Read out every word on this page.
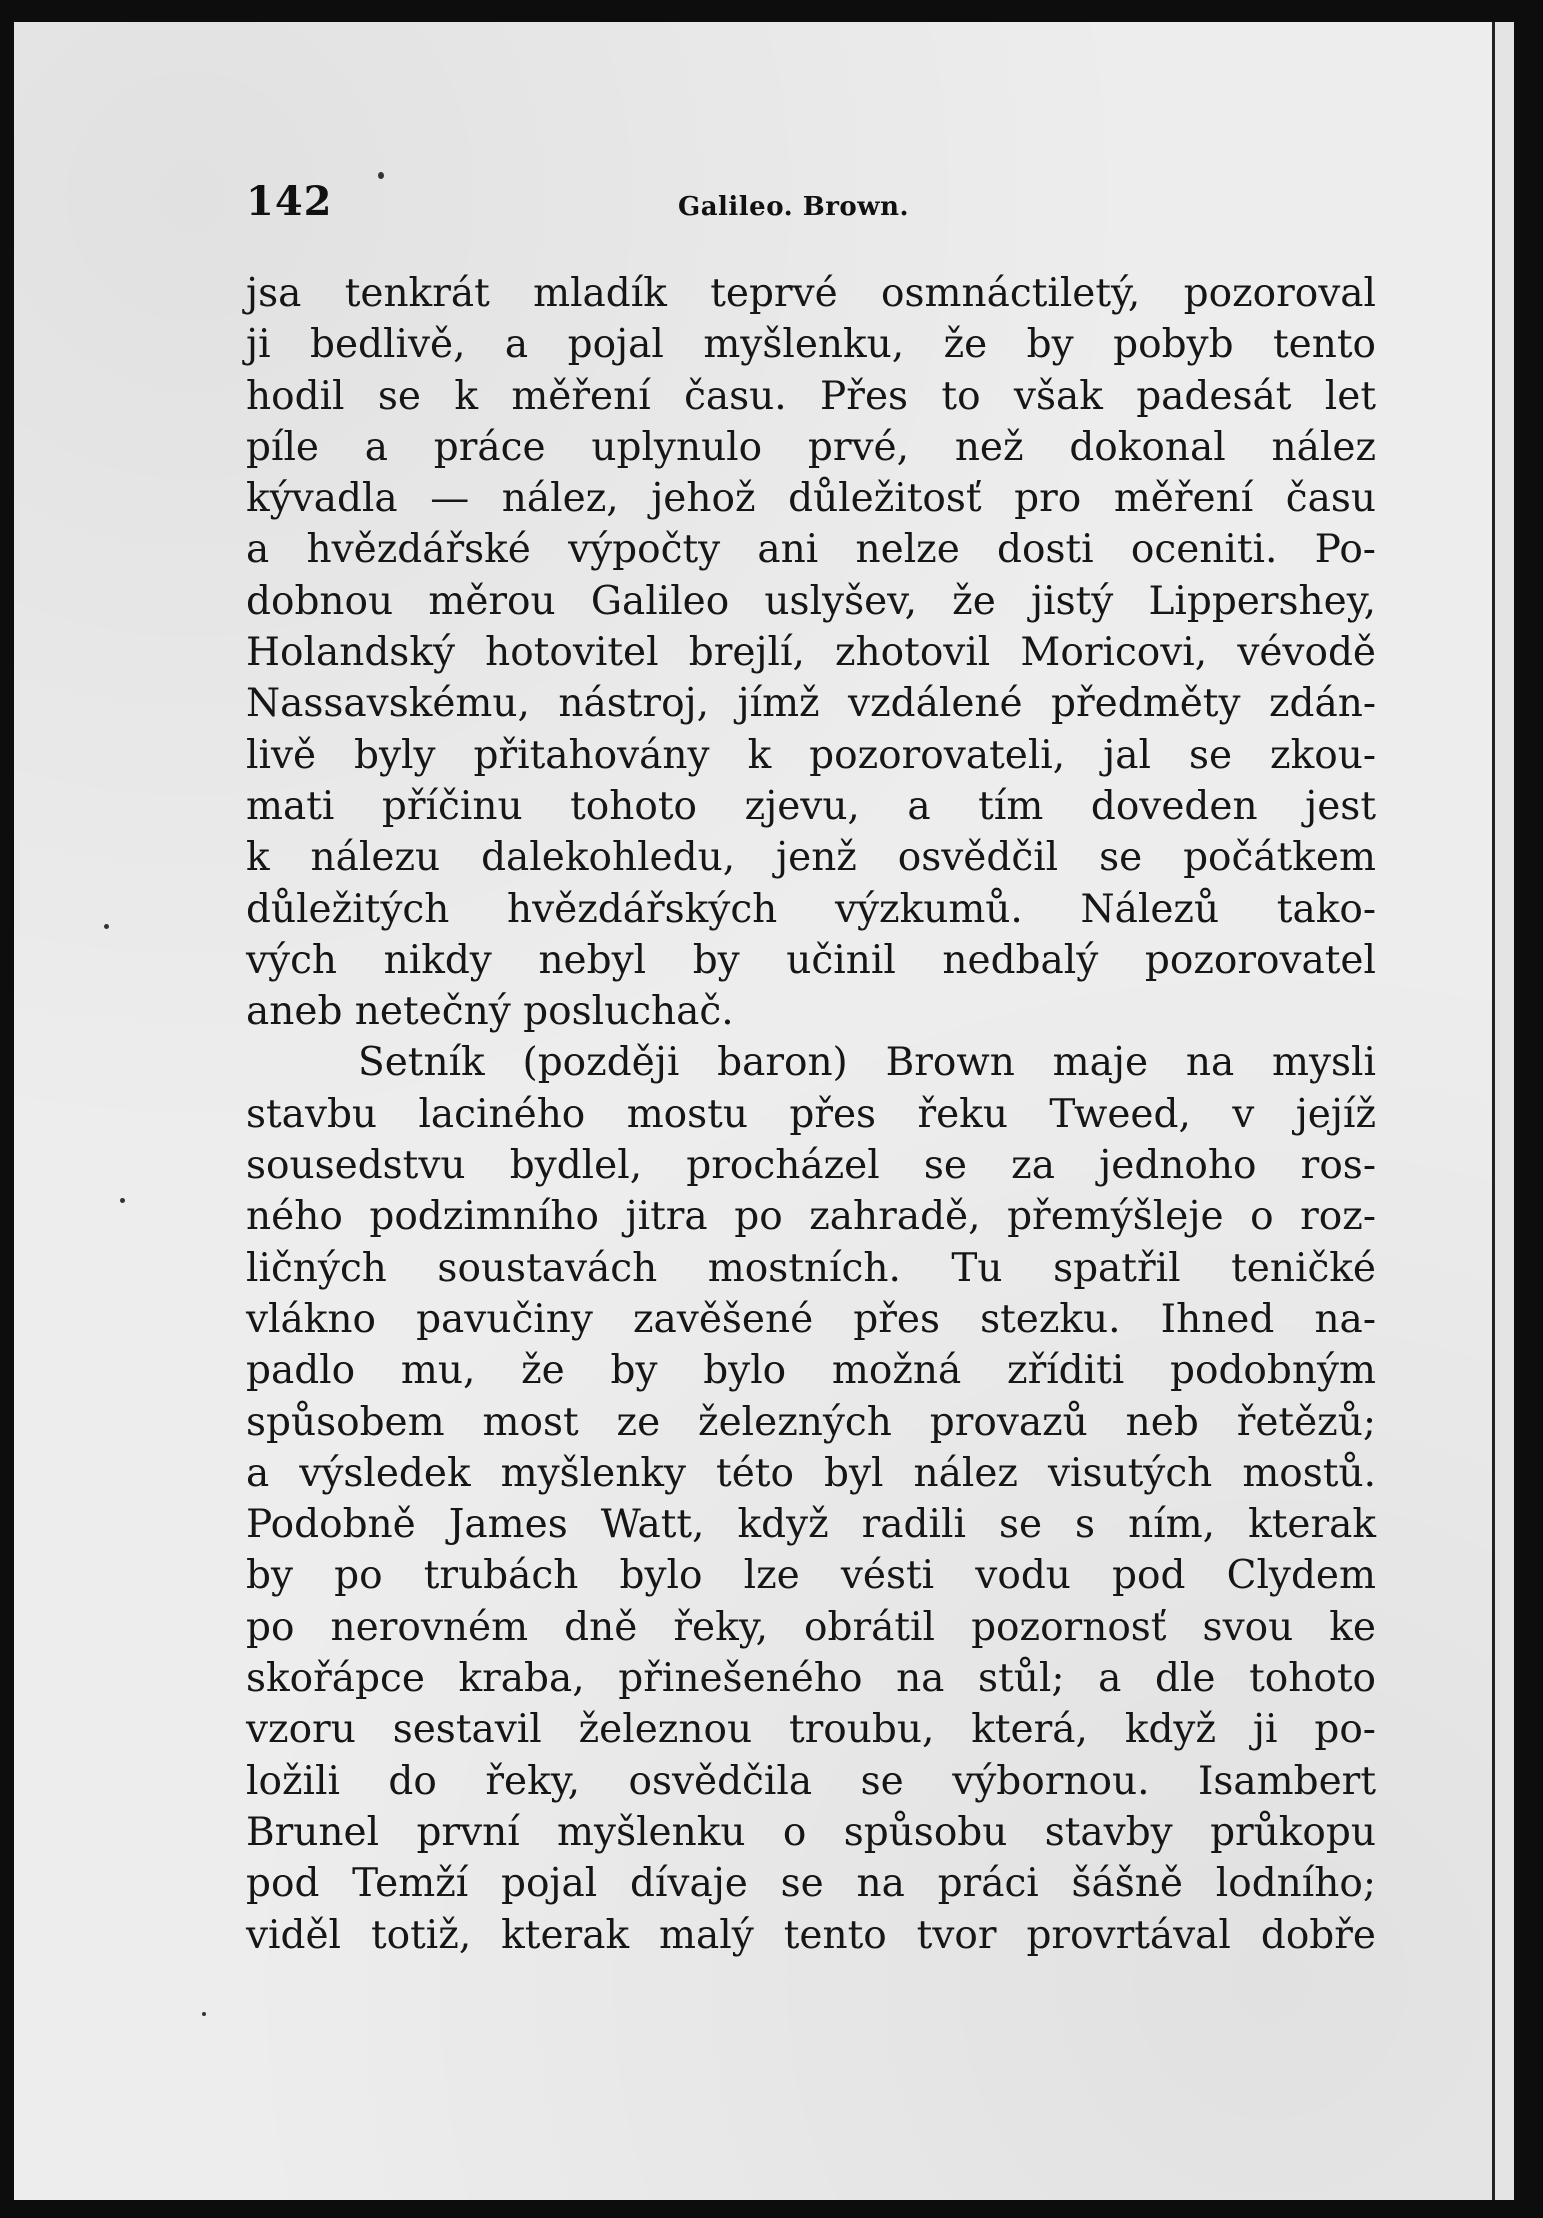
142	Galileo. Brown.
jsa tenkrát mladík teprvé osmnáctiletý, pozoroval
ji bedlivě, a pojal myšlenku, že by pobyb tento
hodil se k měření času. Přes to však padesát let
píle a práce uplynulo prvé, než dokonal nález
kývadla — nález, jehož důležitosť pro měření času
a hvězdářské výpočty ani nelze dosti oceniti. Po-
dobnou měrou Galileo uslyšev, že jistý Lippershey,
Holandský hotovitel brejlí, zhotovil Moricovi, vévodě
Nassavskému, nástroj, jímž vzdálené předměty zdán-
livě byly přitahovány k pozorovateli, jal se zkou-
mati příčinu tohoto zjevu, a tím doveden jest
k nálezu dalekohledu, jenž osvědčil se počátkem
důležitých hvězdářských výzkumů. Nálezů tako-
vých nikdy nebyl by učinil nedbalý pozorovatel
aneb netečný posluchač.
Setník (později baron) Brown maje na mysli
stavbu laciného mostu přes řeku Tweed, v jejíž
sousedstvu bydlel, procházel se za jednoho ros-
ného podzimního jitra po zahradě, přemýšleje o roz-
ličných soustavách mostních. Tu spatřil teničké
vlákno pavučiny zavěšené přes stezku. Ihned na-
padlo mu, že by bylo možná zříditi podobným
spůsobem most ze železných provazů neb řetězů;
a výsledek myšlenky této byl nález visutých mostů.
Podobně James Watt, když radili se s ním, kterak
by po trubách bylo lze vésti vodu pod Clydem
po nerovném dně řeky, obrátil pozornosť svou ke
skořápce kraba, přinešeného na stůl; a dle tohoto
vzoru sestavil železnou troubu, která, když ji po-
ložili do řeky, osvědčila se výbornou. Isambert
Brunel první myšlenku o spůsobu stavby průkopu
pod Temží pojal dívaje se na práci šášně lodního;
viděl totiž, kterak malý tento tvor provrtával dobře
